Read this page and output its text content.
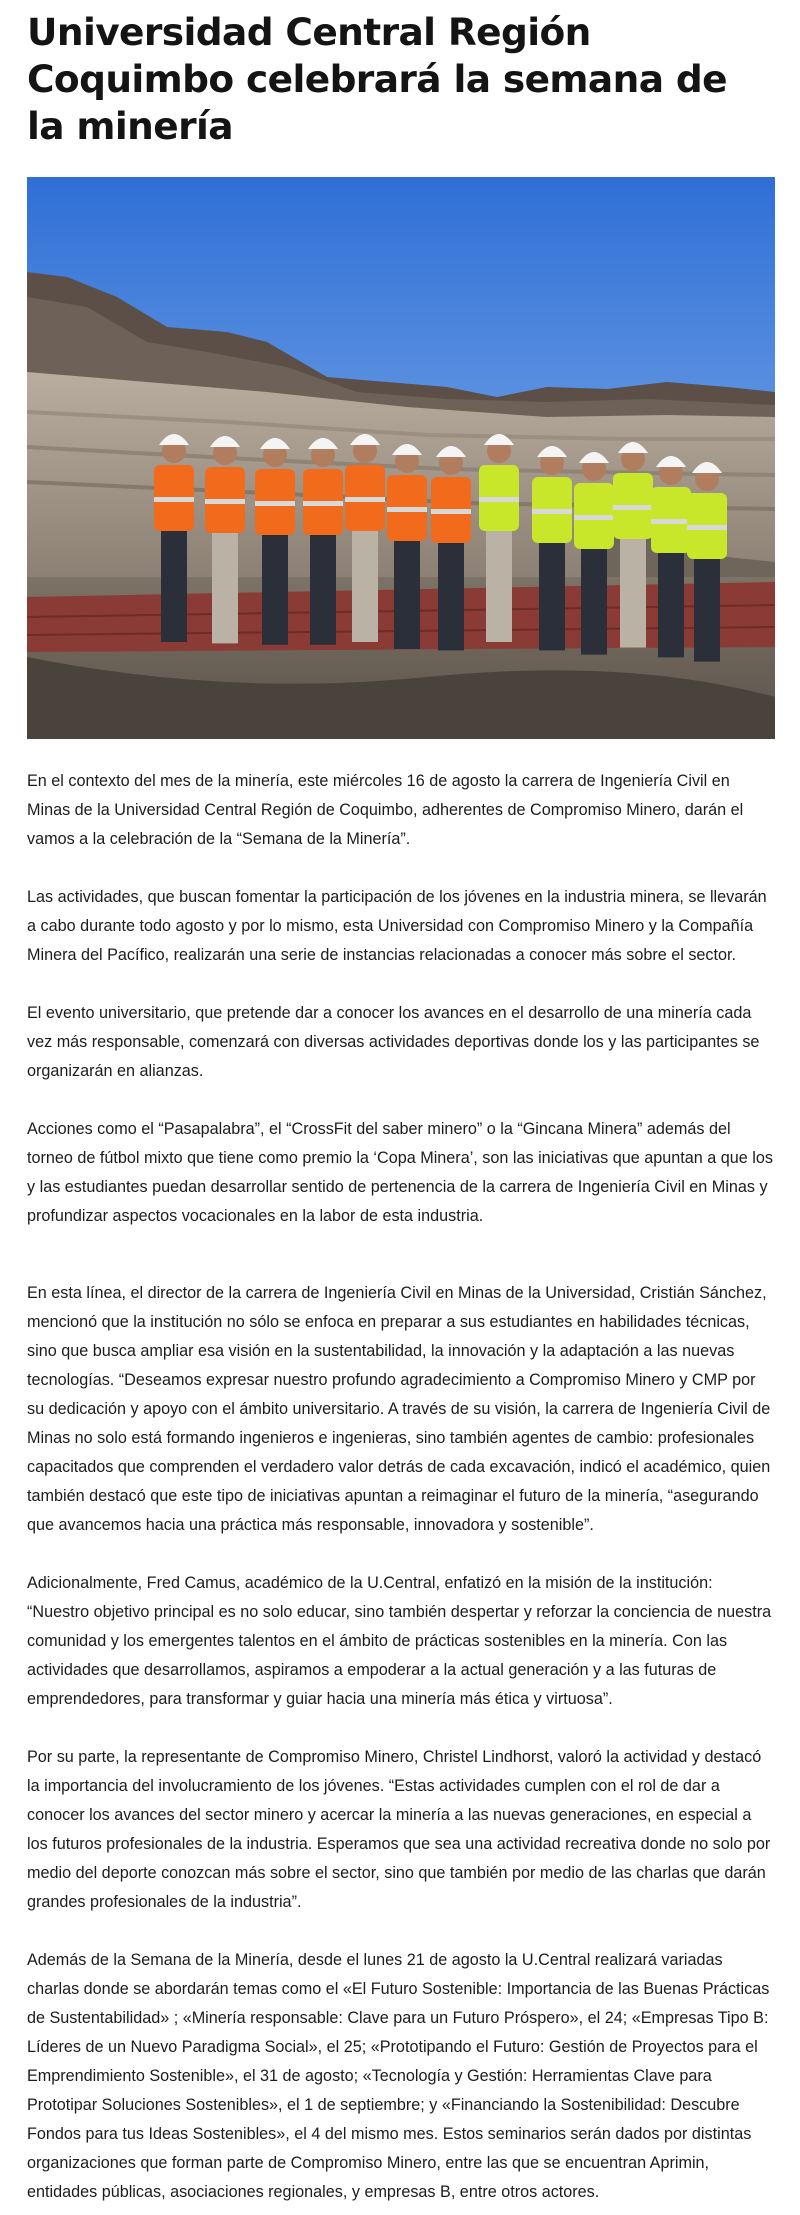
Universidad Central Región Coquimbo celebrará la semana de la minería

En el contexto del mes de la minería, este miércoles 16 de agosto la carrera de Ingeniería Civil en Minas de la Universidad Central Región de Coquimbo, adherentes de Compromiso Minero, darán el vamos a la celebración de la “Semana de la Minería”.

Las actividades, que buscan fomentar la participación de los jóvenes en la industria minera, se llevarán a cabo durante todo agosto y por lo mismo, esta Universidad con Compromiso Minero y la Compañía Minera del Pacífico, realizarán una serie de instancias relacionadas a conocer más sobre el sector.

El evento universitario, que pretende dar a conocer los avances en el desarrollo de una minería cada vez más responsable, comenzará con diversas actividades deportivas donde los y las participantes se organizarán en alianzas.

Acciones como el “Pasapalabra”, el “CrossFit del saber minero” o la “Gincana Minera” además del torneo de fútbol mixto que tiene como premio la ‘Copa Minera’, son las iniciativas que apuntan a que los y las estudiantes puedan desarrollar sentido de pertenencia de la carrera de Ingeniería Civil en Minas y profundizar aspectos vocacionales en la labor de esta industria.

En esta línea, el director de la carrera de Ingeniería Civil en Minas de la Universidad, Cristián Sánchez, mencionó que la institución no sólo se enfoca en preparar a sus estudiantes en habilidades técnicas, sino que busca ampliar esa visión en la sustentabilidad, la innovación y la adaptación a las nuevas tecnologías. “Deseamos expresar nuestro profundo agradecimiento a Compromiso Minero y CMP por su dedicación y apoyo con el ámbito universitario. A través de su visión, la carrera de Ingeniería Civil de Minas no solo está formando ingenieros e ingenieras, sino también agentes de cambio: profesionales capacitados que comprenden el verdadero valor detrás de cada excavación, indicó el académico, quien también destacó que este tipo de iniciativas apuntan a reimaginar el futuro de la minería, “asegurando que avancemos hacia una práctica más responsable, innovadora y sostenible”.

Adicionalmente, Fred Camus, académico de la U.Central, enfatizó en la misión de la institución: “Nuestro objetivo principal es no solo educar, sino también despertar y reforzar la conciencia de nuestra comunidad y los emergentes talentos en el ámbito de prácticas sostenibles en la minería. Con las actividades que desarrollamos, aspiramos a empoderar a la actual generación y a las futuras de emprendedores, para transformar y guiar hacia una minería más ética y virtuosa”.

Por su parte, la representante de Compromiso Minero, Christel Lindhorst, valoró la actividad y destacó la importancia del involucramiento de los jóvenes. “Estas actividades cumplen con el rol de dar a conocer los avances del sector minero y acercar la minería a las nuevas generaciones, en especial a los futuros profesionales de la industria. Esperamos que sea una actividad recreativa donde no solo por medio del deporte conozcan más sobre el sector, sino que también por medio de las charlas que darán grandes profesionales de la industria”.

Además de la Semana de la Minería, desde el lunes 21 de agosto la U.Central realizará variadas charlas donde se abordarán temas como el «El Futuro Sostenible: Importancia de las Buenas Prácticas de Sustentabilidad» ; «Minería responsable: Clave para un Futuro Próspero», el 24; «Empresas Tipo B: Líderes de un Nuevo Paradigma Social», el 25; «Prototipando el Futuro: Gestión de Proyectos para el Emprendimiento Sostenible», el 31 de agosto; «Tecnología y Gestión: Herramientas Clave para Prototipar Soluciones Sostenibles», el 1 de septiembre; y «Financiando la Sostenibilidad: Descubre Fondos para tus Ideas Sostenibles», el 4 del mismo mes. Estos seminarios serán dados por distintas organizaciones que forman parte de Compromiso Minero, entre las que se encuentran Aprimin, entidades públicas, asociaciones regionales, y empresas B, entre otros actores.
